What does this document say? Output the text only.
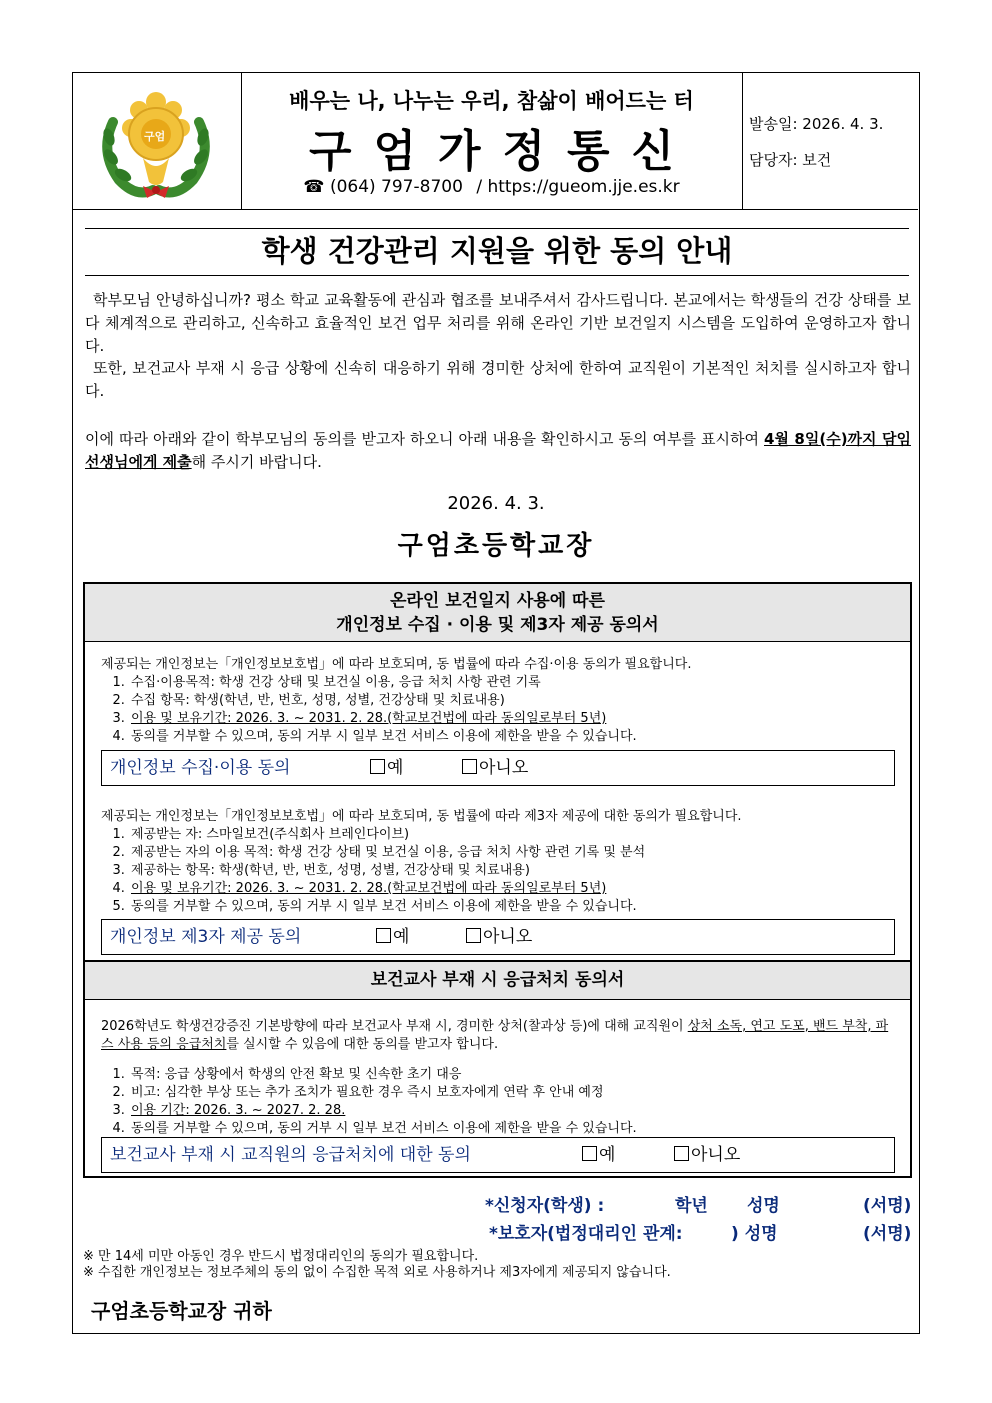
구엄
배우는 나, 나누는 우리, 참삶이 배어드는 터
구엄가정통신
☎ (064) 797-8700 / https://gueom.jje.es.kr
발송일: 2026. 4. 3.
담당자: 보건
학생 건강관리 지원을 위한 동의 안내
학부모님 안녕하십니까? 평소 학교 교육활동에 관심과 협조를 보내주셔서 감사드립니다. 본교에서는 학생들의 건강 상태를 보다 체계적으로 관리하고, 신속하고 효율적인 보건 업무 처리를 위해 온라인 기반 보건일지 시스템을 도입하여 운영하고자 합니다.
또한, 보건교사 부재 시 응급 상황에 신속히 대응하기 위해 경미한 상처에 한하여 교직원이 기본적인 처치를 실시하고자 합니다.
이에 따라 아래와 같이 학부모님의 동의를 받고자 하오니 아래 내용을 확인하시고 동의 여부를 표시하여 4월 8일(수)까지 담임 선생님에게 제출해 주시기 바랍니다.
2026. 4. 3.
구엄초등학교장
온라인 보건일지 사용에 따른
개인정보 수집 · 이용 및 제3자 제공 동의서
제공되는 개인정보는「개인정보보호법」에 따라 보호되며, 동 법률에 따라 수집·이용 동의가 필요합니다.
1. 수집·이용목적: 학생 건강 상태 및 보건실 이용, 응급 처치 사항 관련 기록
2. 수집 항목: 학생(학년, 반, 번호, 성명, 성별, 건강상태 및 치료내용)
3. 이용 및 보유기간: 2026. 3. ~ 2031. 2. 28.(학교보건법에 따라 동의일로부터 5년)
4. 동의를 거부할 수 있으며, 동의 거부 시 일부 보건 서비스 이용에 제한을 받을 수 있습니다.
개인정보 수집·이용 동의	예	아니오
제공되는 개인정보는「개인정보보호법」에 따라 보호되며, 동 법률에 따라 제3자 제공에 대한 동의가 필요합니다.
1. 제공받는 자: 스마일보건(주식회사 브레인다이브)
2. 제공받는 자의 이용 목적: 학생 건강 상태 및 보건실 이용, 응급 처치 사항 관련 기록 및 분석
3. 제공하는 항목: 학생(학년, 반, 번호, 성명, 성별, 건강상태 및 치료내용)
4. 이용 및 보유기간: 2026. 3. ~ 2031. 2. 28.(학교보건법에 따라 동의일로부터 5년)
5. 동의를 거부할 수 있으며, 동의 거부 시 일부 보건 서비스 이용에 제한을 받을 수 있습니다.
개인정보 제3자 제공 동의	예	아니오
보건교사 부재 시 응급처치 동의서
2026학년도 학생건강증진 기본방향에 따라 보건교사 부재 시, 경미한 상처(찰과상 등)에 대해 교직원이 상처 소독, 연고 도포, 밴드 부착, 파스 사용 등의 응급처치를 실시할 수 있음에 대한 동의를 받고자 합니다.
1. 목적: 응급 상황에서 학생의 안전 확보 및 신속한 초기 대응
2. 비고: 심각한 부상 또는 추가 조치가 필요한 경우 즉시 보호자에게 연락 후 안내 예정
3. 이용 기간: 2026. 3. ~ 2027. 2. 28.
4. 동의를 거부할 수 있으며, 동의 거부 시 일부 보건 서비스 이용에 제한을 받을 수 있습니다.
보건교사 부재 시 교직원의 응급처치에 대한 동의	예	아니오
*신청자(학생) :	학년 성명	(서명)
*보호자(법정대리인 관계:	) 성명	(서명)
※ 만 14세 미만 아동인 경우 반드시 법정대리인의 동의가 필요합니다.
※ 수집한 개인정보는 정보주체의 동의 없이 수집한 목적 외로 사용하거나 제3자에게 제공되지 않습니다.
구엄초등학교장 귀하
